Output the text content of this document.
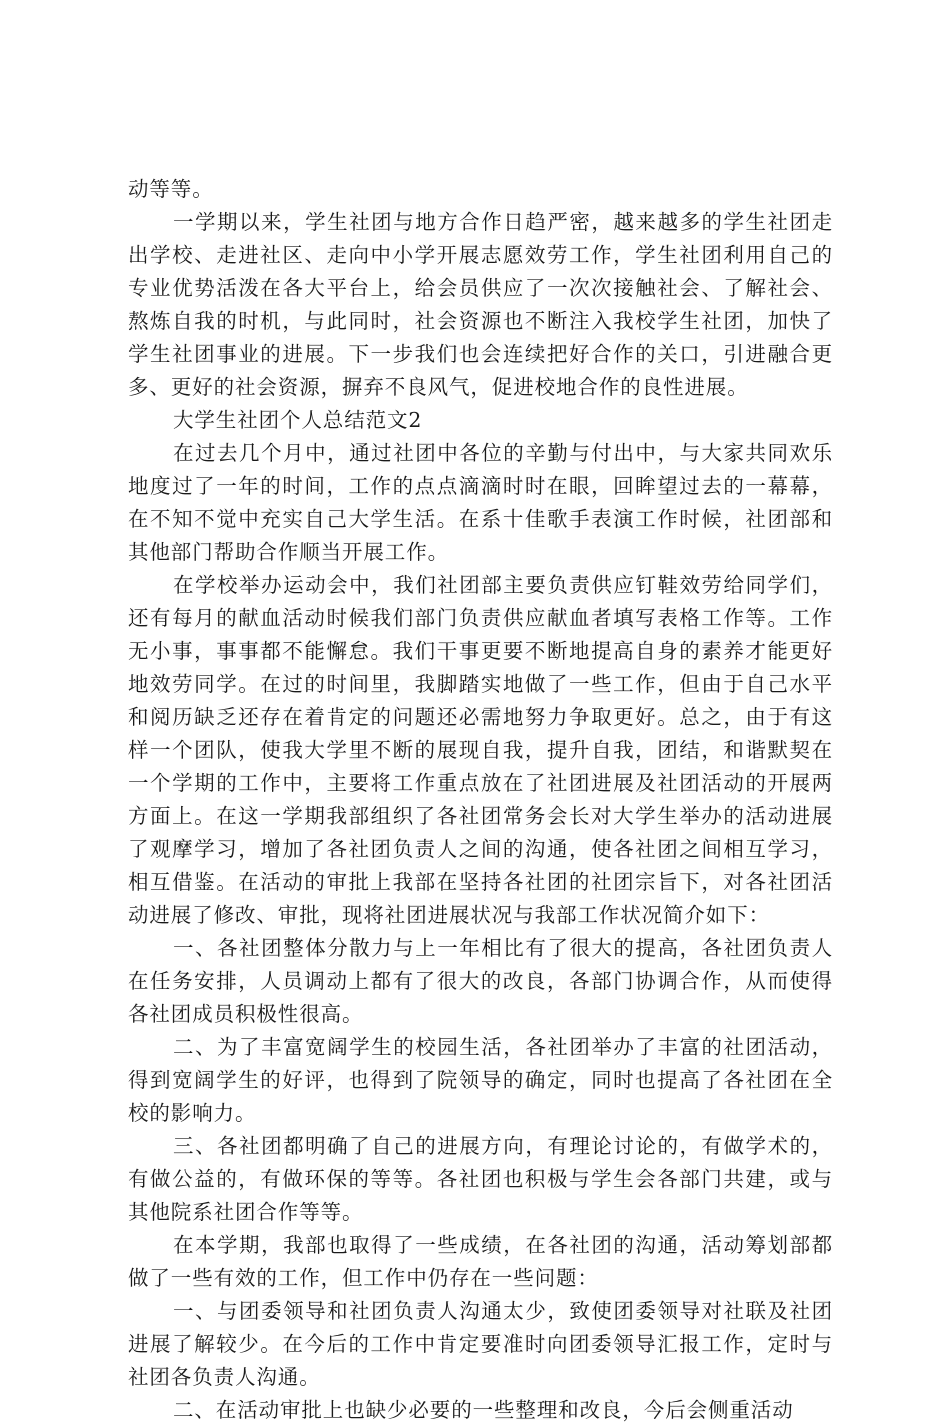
动等等。

一学期以来，学生社团与地方合作日趋严密，越来越多的学生社团走出学校、走进社区、走向中小学开展志愿效劳工作，学生社团利用自己的专业优势活泼在各大平台上，给会员供应了一次次接触社会、了解社会、熬炼自我的时机，与此同时，社会资源也不断注入我校学生社团，加快了学生社团事业的进展。下一步我们也会连续把好合作的关口，引进融合更多、更好的社会资源，摒弃不良风气，促进校地合作的良性进展。

大学生社团个人总结范文2

在过去几个月中，通过社团中各位的辛勤与付出中，与大家共同欢乐地度过了一年的时间，工作的点点滴滴时时在眼，回眸望过去的一幕幕，在不知不觉中充实自己大学生活。在系十佳歌手表演工作时候，社团部和其他部门帮助合作顺当开展工作。

在学校举办运动会中，我们社团部主要负责供应钉鞋效劳给同学们，还有每月的献血活动时候我们部门负责供应献血者填写表格工作等。工作无小事，事事都不能懈怠。我们干事更要不断地提高自身的素养才能更好地效劳同学。在过的时间里，我脚踏实地做了一些工作，但由于自己水平和阅历缺乏还存在着肯定的问题还必需地努力争取更好。总之，由于有这样一个团队，使我大学里不断的展现自我，提升自我，团结，和谐默契在一个学期的工作中，主要将工作重点放在了社团进展及社团活动的开展两方面上。在这一学期我部组织了各社团常务会长对大学生举办的活动进展了观摩学习，增加了各社团负责人之间的沟通，使各社团之间相互学习，相互借鉴。在活动的审批上我部在坚持各社团的社团宗旨下，对各社团活动进展了修改、审批，现将社团进展状况与我部工作状况简介如下：

一、各社团整体分散力与上一年相比有了很大的提高，各社团负责人在任务安排，人员调动上都有了很大的改良，各部门协调合作，从而使得各社团成员积极性很高。

二、为了丰富宽阔学生的校园生活，各社团举办了丰富的社团活动，得到宽阔学生的好评，也得到了院领导的确定，同时也提高了各社团在全校的影响力。

三、各社团都明确了自己的进展方向，有理论讨论的，有做学术的，有做公益的，有做环保的等等。各社团也积极与学生会各部门共建，或与其他院系社团合作等等。

在本学期，我部也取得了一些成绩，在各社团的沟通，活动筹划部都做了一些有效的工作，但工作中仍存在一些问题：

一、与团委领导和社团负责人沟通太少，致使团委领导对社联及社团进展了解较少。在今后的工作中肯定要准时向团委领导汇报工作，定时与社团各负责人沟通。

二、在活动审批上也缺少必要的一些整理和改良，今后会侧重活动
